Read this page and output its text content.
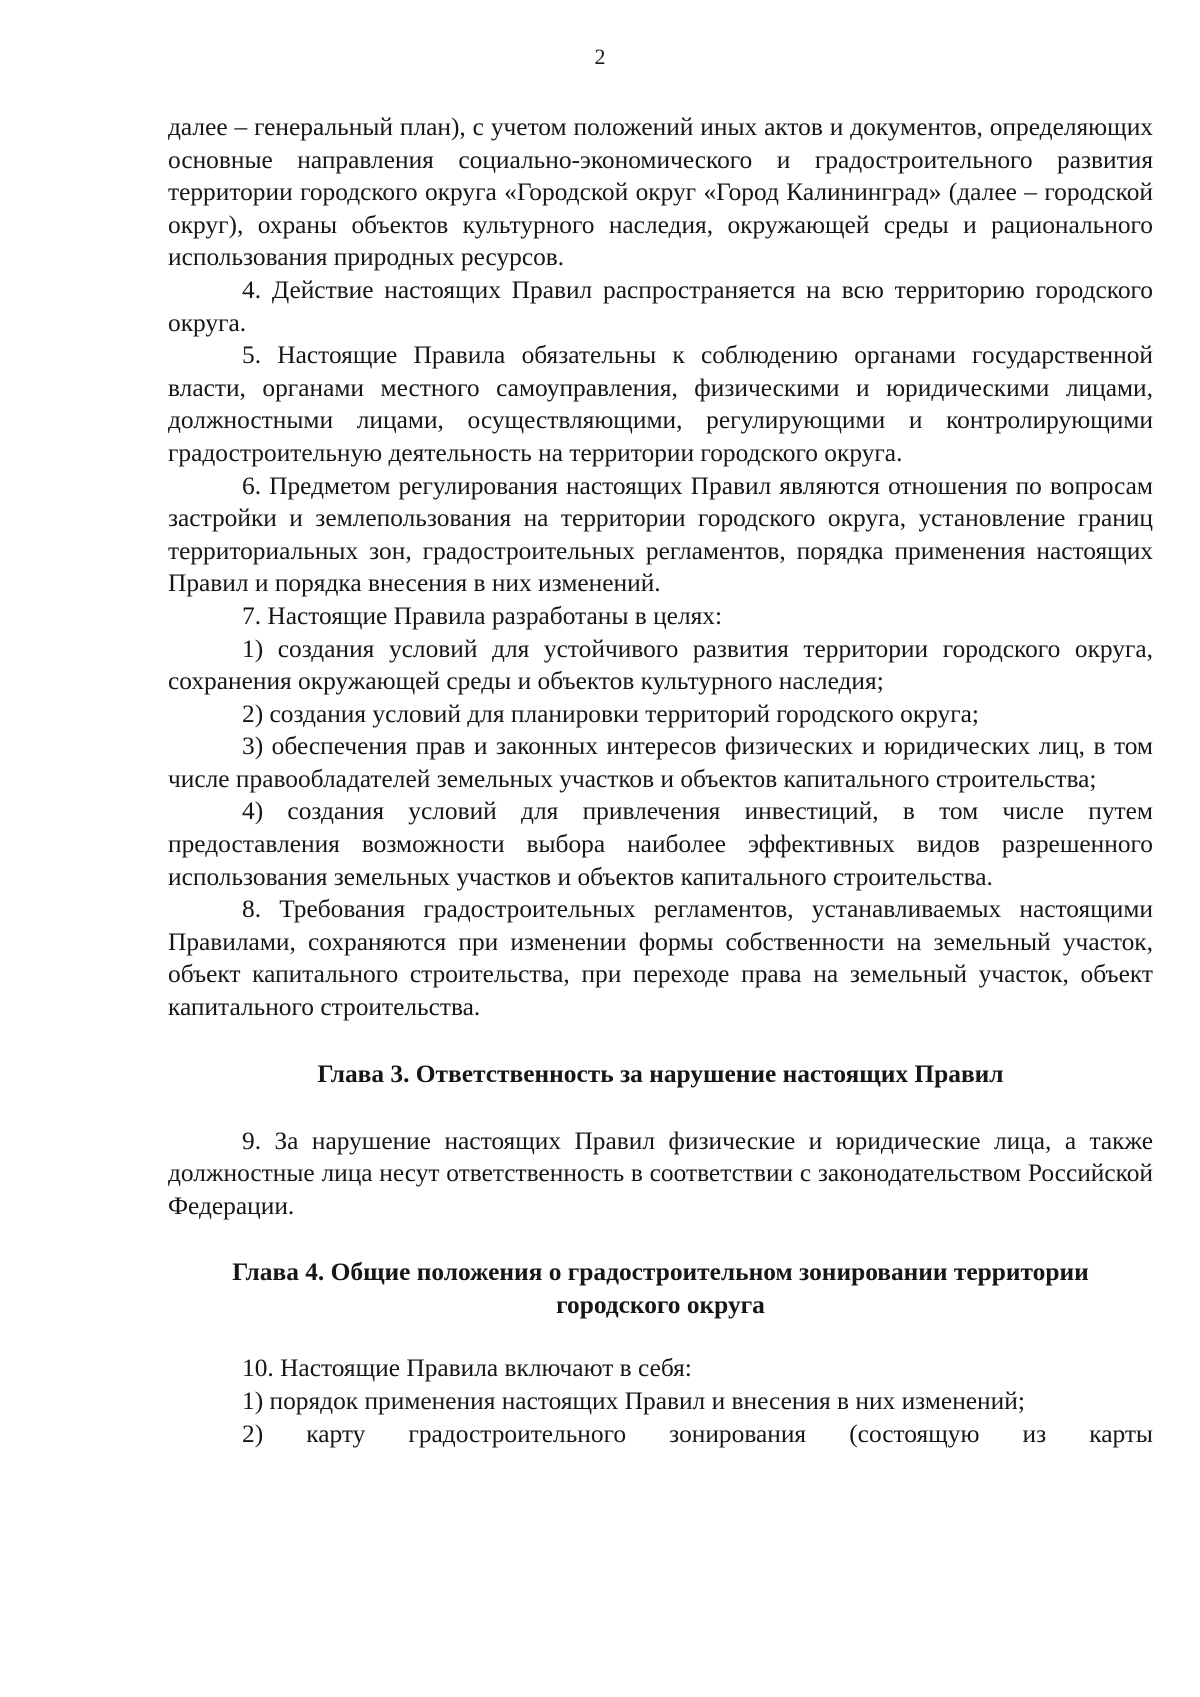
2

далее – генеральный план), с учетом положений иных актов и документов, определяющих основные направления социально-экономического и градостроительного развития территории городского округа «Городской округ «Город Калининград» (далее – городской округ), охраны объектов культурного наследия, окружающей среды и рационального использования природных ресурсов.

4. Действие настоящих Правил распространяется на всю территорию городского округа.

5. Настоящие Правила обязательны к соблюдению органами государственной власти, органами местного самоуправления, физическими и юридическими лицами, должностными лицами, осуществляющими, регулирующими и контролирующими градостроительную деятельность на территории городского округа.

6. Предметом регулирования настоящих Правил являются отношения по вопросам застройки и землепользования на территории городского округа, установление границ территориальных зон, градостроительных регламентов, порядка применения настоящих Правил и порядка внесения в них изменений.

7. Настоящие Правила разработаны в целях:

1) создания условий для устойчивого развития территории городского округа, сохранения окружающей среды и объектов культурного наследия;

2) создания условий для планировки территорий городского округа;

3) обеспечения прав и законных интересов физических и юридических лиц, в том числе правообладателей земельных участков и объектов капитального строительства;

4) создания условий для привлечения инвестиций, в том числе путем предоставления возможности выбора наиболее эффективных видов разрешенного использования земельных участков и объектов капитального строительства.

8. Требования градостроительных регламентов, устанавливаемых настоящими Правилами, сохраняются при изменении формы собственности на земельный участок, объект капитального строительства, при переходе права на земельный участок, объект капитального строительства.

Глава 3. Ответственность за нарушение настоящих Правил

9. За нарушение настоящих Правил физические и юридические лица, а также должностные лица несут ответственность в соответствии с законодательством Российской Федерации.

Глава 4. Общие положения о градостроительном зонировании территории
городского округа

10. Настоящие Правила включают в себя:

1) порядок применения настоящих Правил и внесения в них изменений;

2) карту градостроительного зонирования (состоящую из карты
